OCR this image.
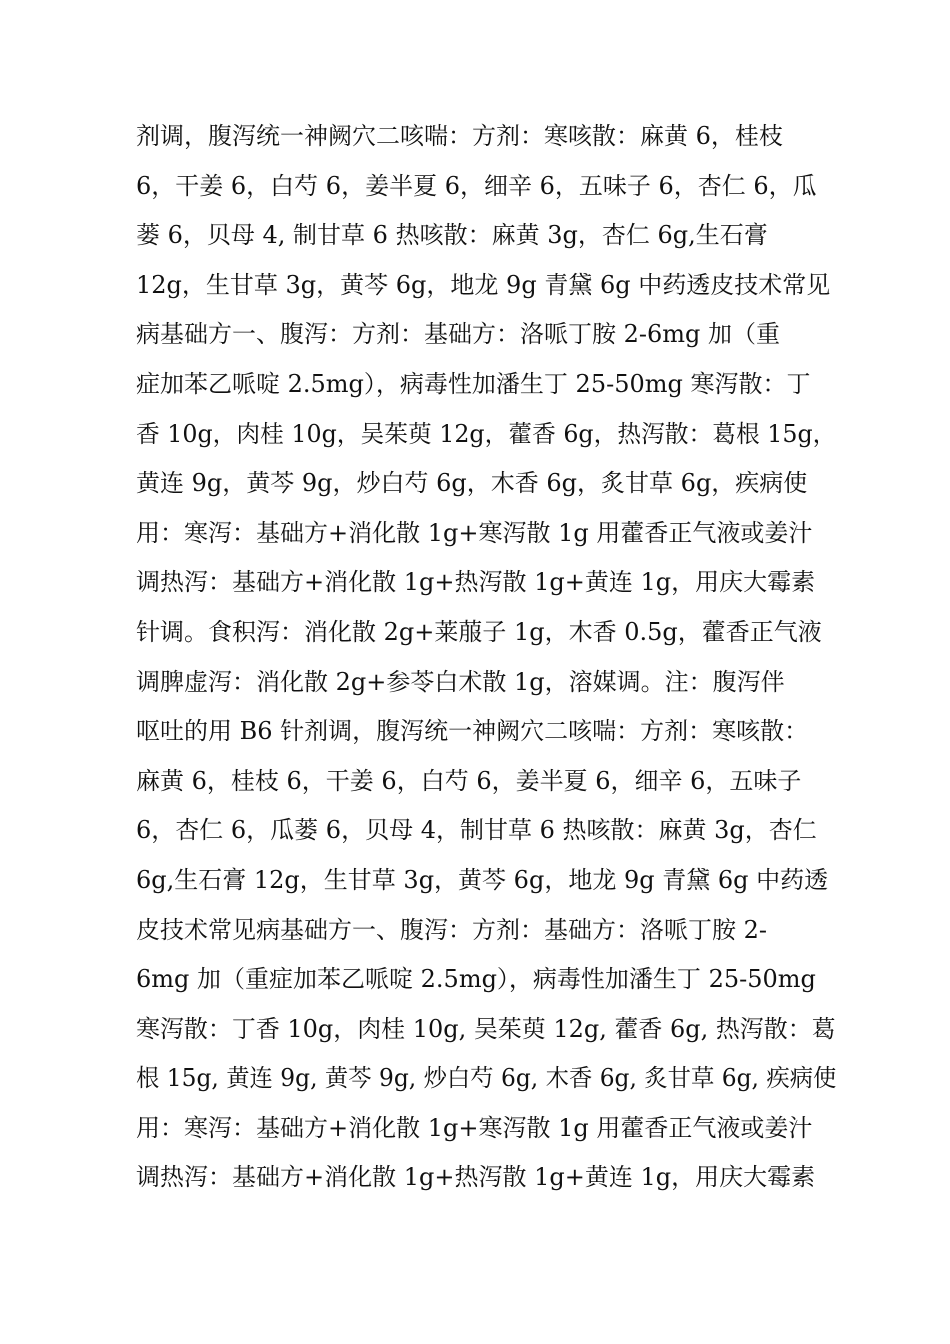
剂调，腹泻统一神阙穴二咳喘：方剂：寒咳散：麻黄 6，桂枝
6，干姜 6，白芍 6，姜半夏 6，细辛 6，五味子 6，杏仁 6，瓜
蒌 6，贝母 4, 制甘草 6 热咳散：麻黄 3g，杏仁 6g,生石膏
12g，生甘草 3g，黄芩 6g，地龙 9g 青黛 6g 中药透皮技术常见
病基础方一、腹泻：方剂：基础方：洛哌丁胺 2-6mg 加（重
症加苯乙哌啶 2.5mg），病毒性加潘生丁 25-50mg 寒泻散：丁
香 10g，肉桂 10g，吴茱萸 12g，藿香 6g，热泻散：葛根 15g，
黄连 9g，黄芩 9g，炒白芍 6g，木香 6g，炙甘草 6g，疾病使
用：寒泻：基础方+消化散 1g+寒泻散 1g 用藿香正气液或姜汁
调热泻：基础方+消化散 1g+热泻散 1g+黄连 1g，用庆大霉素
针调。食积泻：消化散 2g+莱菔子 1g，木香 0.5g，藿香正气液
调脾虚泻：消化散 2g+参苓白术散 1g，溶媒调。注：腹泻伴
呕吐的用 B6 针剂调，腹泻统一神阙穴二咳喘：方剂：寒咳散：
麻黄 6，桂枝 6，干姜 6，白芍 6，姜半夏 6，细辛 6，五味子
6，杏仁 6，瓜蒌 6，贝母 4，制甘草 6 热咳散：麻黄 3g，杏仁
6g,生石膏 12g，生甘草 3g，黄芩 6g，地龙 9g 青黛 6g 中药透
皮技术常见病基础方一、腹泻：方剂：基础方：洛哌丁胺 2-
6mg 加（重症加苯乙哌啶 2.5mg），病毒性加潘生丁 25-50mg
寒泻散：丁香 10g，肉桂 10g, 吴茱萸 12g, 藿香 6g, 热泻散：葛
根 15g, 黄连 9g, 黄芩 9g, 炒白芍 6g, 木香 6g, 炙甘草 6g, 疾病使
用：寒泻：基础方+消化散 1g+寒泻散 1g 用藿香正气液或姜汁
调热泻：基础方+消化散 1g+热泻散 1g+黄连 1g，用庆大霉素
